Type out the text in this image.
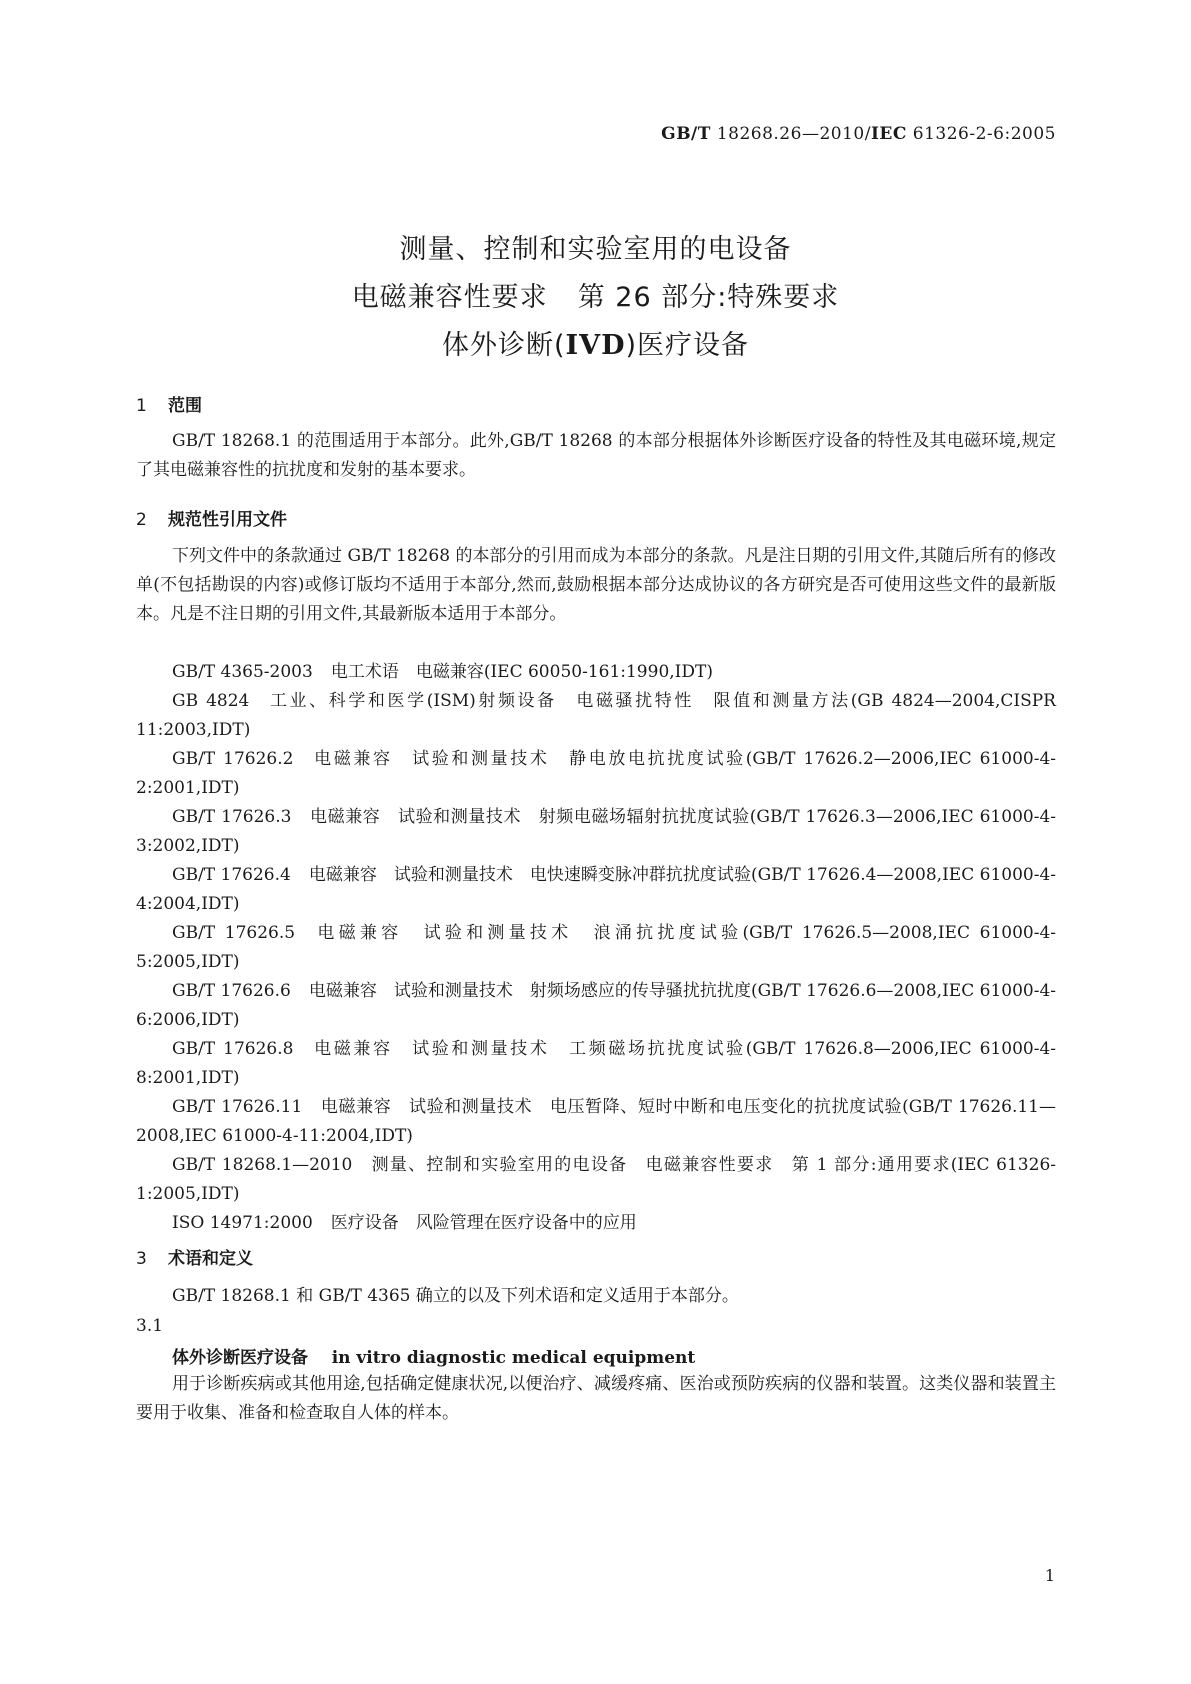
GB/T 18268.26—2010/IEC 61326-2-6:2005
测量、控制和实验室用的电设备
电磁兼容性要求 第 26 部分:特殊要求
体外诊断(IVD)医疗设备
1 范围
GB/T 18268.1 的范围适用于本部分。此外,GB/T 18268 的本部分根据体外诊断医疗设备的特性及其电磁环境,规定了其电磁兼容性的抗扰度和发射的基本要求。
2 规范性引用文件
下列文件中的条款通过 GB/T 18268 的本部分的引用而成为本部分的条款。凡是注日期的引用文件,其随后所有的修改单(不包括勘误的内容)或修订版均不适用于本部分,然而,鼓励根据本部分达成协议的各方研究是否可使用这些文件的最新版本。凡是不注日期的引用文件,其最新版本适用于本部分。
GB/T 4365-2003 电工术语　电磁兼容(IEC 60050-161:1990,IDT)
GB 4824 工业、科学和医学(ISM)射频设备　电磁骚扰特性　限值和测量方法(GB 4824—2004,CISPR 11:2003,IDT)
GB/T 17626.2 电磁兼容　试验和测量技术　静电放电抗扰度试验(GB/T 17626.2—2006,IEC 61000-4-2:2001,IDT)
GB/T 17626.3 电磁兼容　试验和测量技术　射频电磁场辐射抗扰度试验(GB/T 17626.3—2006,IEC 61000-4-3:2002,IDT)
GB/T 17626.4 电磁兼容　试验和测量技术　电快速瞬变脉冲群抗扰度试验(GB/T 17626.4—2008,IEC 61000-4-4:2004,IDT)
GB/T 17626.5 电磁兼容　试验和测量技术　浪涌抗扰度试验(GB/T 17626.5—2008,IEC 61000-4-5:2005,IDT)
GB/T 17626.6 电磁兼容　试验和测量技术　射频场感应的传导骚扰抗扰度(GB/T 17626.6—2008,IEC 61000-4-6:2006,IDT)
GB/T 17626.8 电磁兼容　试验和测量技术　工频磁场抗扰度试验(GB/T 17626.8—2006,IEC 61000-4-8:2001,IDT)
GB/T 17626.11 电磁兼容　试验和测量技术　电压暂降、短时中断和电压变化的抗扰度试验(GB/T 17626.11—2008,IEC 61000-4-11:2004,IDT)
GB/T 18268.1—2010 测量、控制和实验室用的电设备　电磁兼容性要求　第 1 部分:通用要求(IEC 61326-1:2005,IDT)
ISO 14971:2000 医疗设备　风险管理在医疗设备中的应用
3 术语和定义
GB/T 18268.1 和 GB/T 4365 确立的以及下列术语和定义适用于本部分。
3.1
体外诊断医疗设备 in vitro diagnostic medical equipment
用于诊断疾病或其他用途,包括确定健康状况,以便治疗、减缓疼痛、医治或预防疾病的仪器和装置。这类仪器和装置主要用于收集、准备和检查取自人体的样本。
1
